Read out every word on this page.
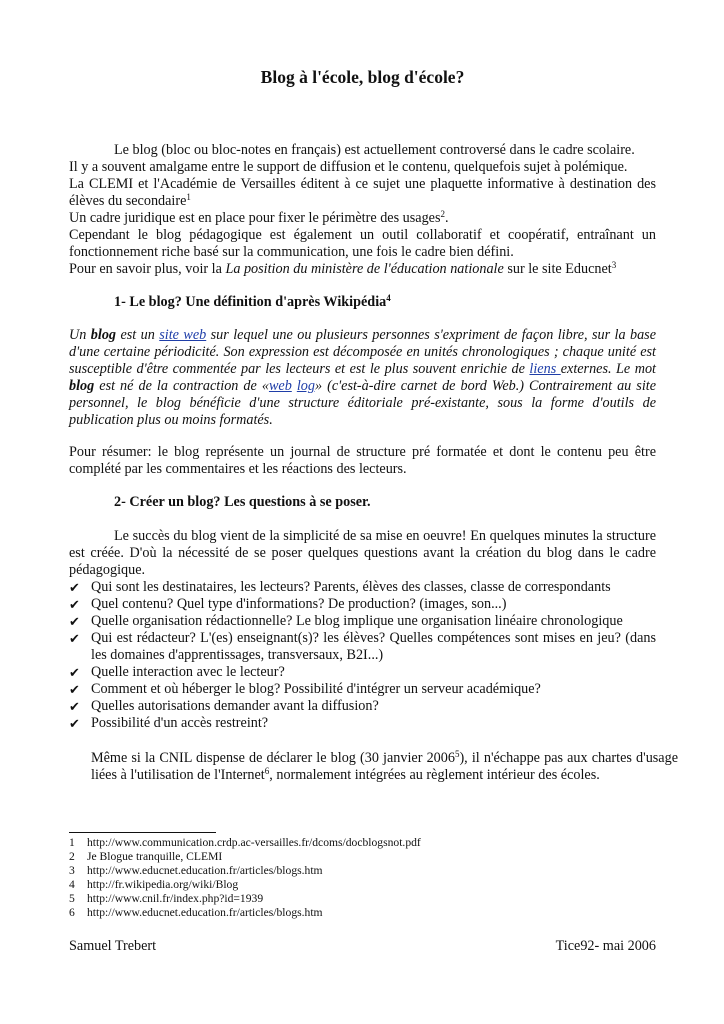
Blog à l'école, blog d'école?
Le blog (bloc ou bloc-notes en français) est actuellement controversé dans le cadre scolaire.
Il y a souvent amalgame entre le support de diffusion et le contenu, quelquefois sujet à polémique.
La CLEMI et l'Académie de Versailles éditent à ce sujet une plaquette informative à destination des élèves du secondaire$^1$
Un cadre juridique est en place pour fixer le périmètre des usages$^2$.
Cependant le blog pédagogique est également un outil collaboratif et coopératif, entraînant un fonctionnement riche basé sur la communication, une fois le cadre bien défini.
Pour en savoir plus, voir la La position du ministère de l'éducation nationale sur le site Educnet$^3$
1- Le blog? Une définition d'après Wikipédia$^4$
Un blog est un site web sur lequel une ou plusieurs personnes s'expriment de façon libre, sur la base d'une certaine périodicité. Son expression est décomposée en unités chronologiques ; chaque unité est susceptible d'être commentée par les lecteurs et est le plus souvent enrichie de liens externes. Le mot blog est né de la contraction de «web log» (c'est-à-dire carnet de bord Web.) Contrairement au site personnel, le blog bénéficie d'une structure éditoriale pré-existante, sous la forme d'outils de publication plus ou moins formatés.
Pour résumer: le blog représente un journal de structure pré formatée et dont le contenu peu être complété par les commentaires et les réactions des lecteurs.
2- Créer un blog? Les questions à se poser.
Le succès du blog vient de la simplicité de sa mise en oeuvre! En quelques minutes la structure est créée. D'où la nécessité de se poser quelques questions avant la création du blog dans le cadre pédagogique.
✔ Qui sont les destinataires, les lecteurs? Parents, élèves des classes, classe de correspondants
✔ Quel contenu? Quel type d'informations? De production? (images, son...)
✔ Quelle organisation rédactionnelle? Le blog implique une organisation linéaire chronologique
✔ Qui est rédacteur? L'(es) enseignant(s)? les élèves? Quelles compétences sont mises en jeu? (dans les domaines d'apprentissages, transversaux, B2I...)
✔ Quelle interaction avec le lecteur?
✔ Comment et où héberger le blog? Possibilité d'intégrer un serveur académique?
✔ Quelles autorisations demander avant la diffusion?
✔ Possibilité d'un accès restreint?
Même si la CNIL dispense de déclarer le blog (30 janvier 2006$^5$), il n'échappe pas aux chartes d'usage liées à l'utilisation de l'Internet$^6$, normalement intégrées au règlement intérieur des écoles.
1	http://www.communication.crdp.ac-versailles.fr/dcoms/docblogsnot.pdf
2	Je Blogue tranquille, CLEMI
3	http://www.educnet.education.fr/articles/blogs.htm
4	http://fr.wikipedia.org/wiki/Blog
5	http://www.cnil.fr/index.php?id=1939
6	http://www.educnet.education.fr/articles/blogs.htm
Samuel Trebert	Tice92- mai 2006
